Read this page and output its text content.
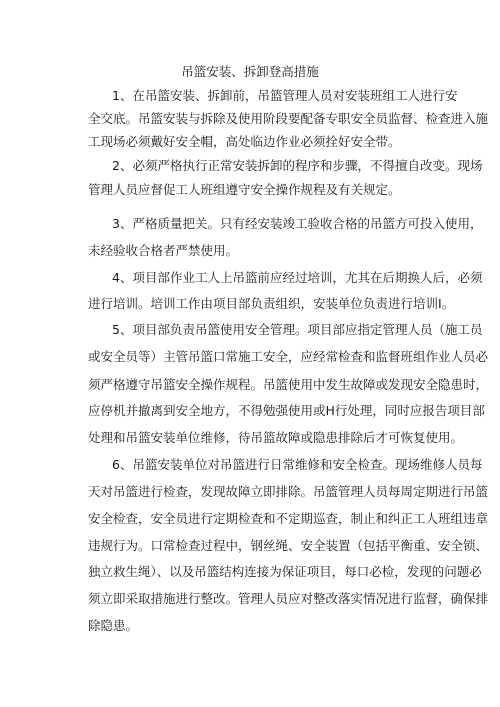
吊篮安装、拆卸登高措施
1、在吊篮安装、拆卸前，吊篮管理人员对安装班组工人进行安
全交底。吊篮安装与拆除及使用阶段要配备专职安全员监督、检查进入施
工现场必须戴好安全帽，高处临边作业必须拴好安全带。
2、必须严格执行正常安装拆卸的程序和步骤，不得擅自改变。现场
管理人员应督促工人班组遵守安全操作规程及有关规定。
3、严格质量把关。只有经安装竣工验收合格的吊篮方可投入使用，
未经验收合格者严禁使用。
4、项目部作业工人上吊篮前应经过培训，尤其在后期换人后，必须
进行培训。培训工作由项目部负责组织，安装单位负责进行培训I。
5、项目部负责吊篮使用安全管理。项目部应指定管理人员（施工员
或安全员等）主管吊篮口常施工安全，应经常检查和监督班组作业人员必
须严格遵守吊篮安全操作规程。吊篮使用中发生故障或发现安全隐患时，
应停机并撤离到安全地方，不得勉强使用或H行处理，同时应报告项目部
处理和吊篮安装单位维修，待吊篮故障或隐患排除后才可恢复使用。
6、吊篮安装单位对吊篮进行日常维修和安全检查。现场维修人员每
天对吊篮进行检查，发现故障立即排除。吊篮管理人员每周定期进行吊篮
安全检查，安全员进行定期检查和不定期巡查，制止和纠正工人班组违章
违规行为。口常检查过程中，钢丝绳、安全装置（包括平衡重、安全锁、
独立救生绳）、以及吊篮结构连接为保证项目，每口必检，发现的问题必
须立即采取措施进行整改。管理人员应对整改落实情况进行监督，确保排
除隐患。
